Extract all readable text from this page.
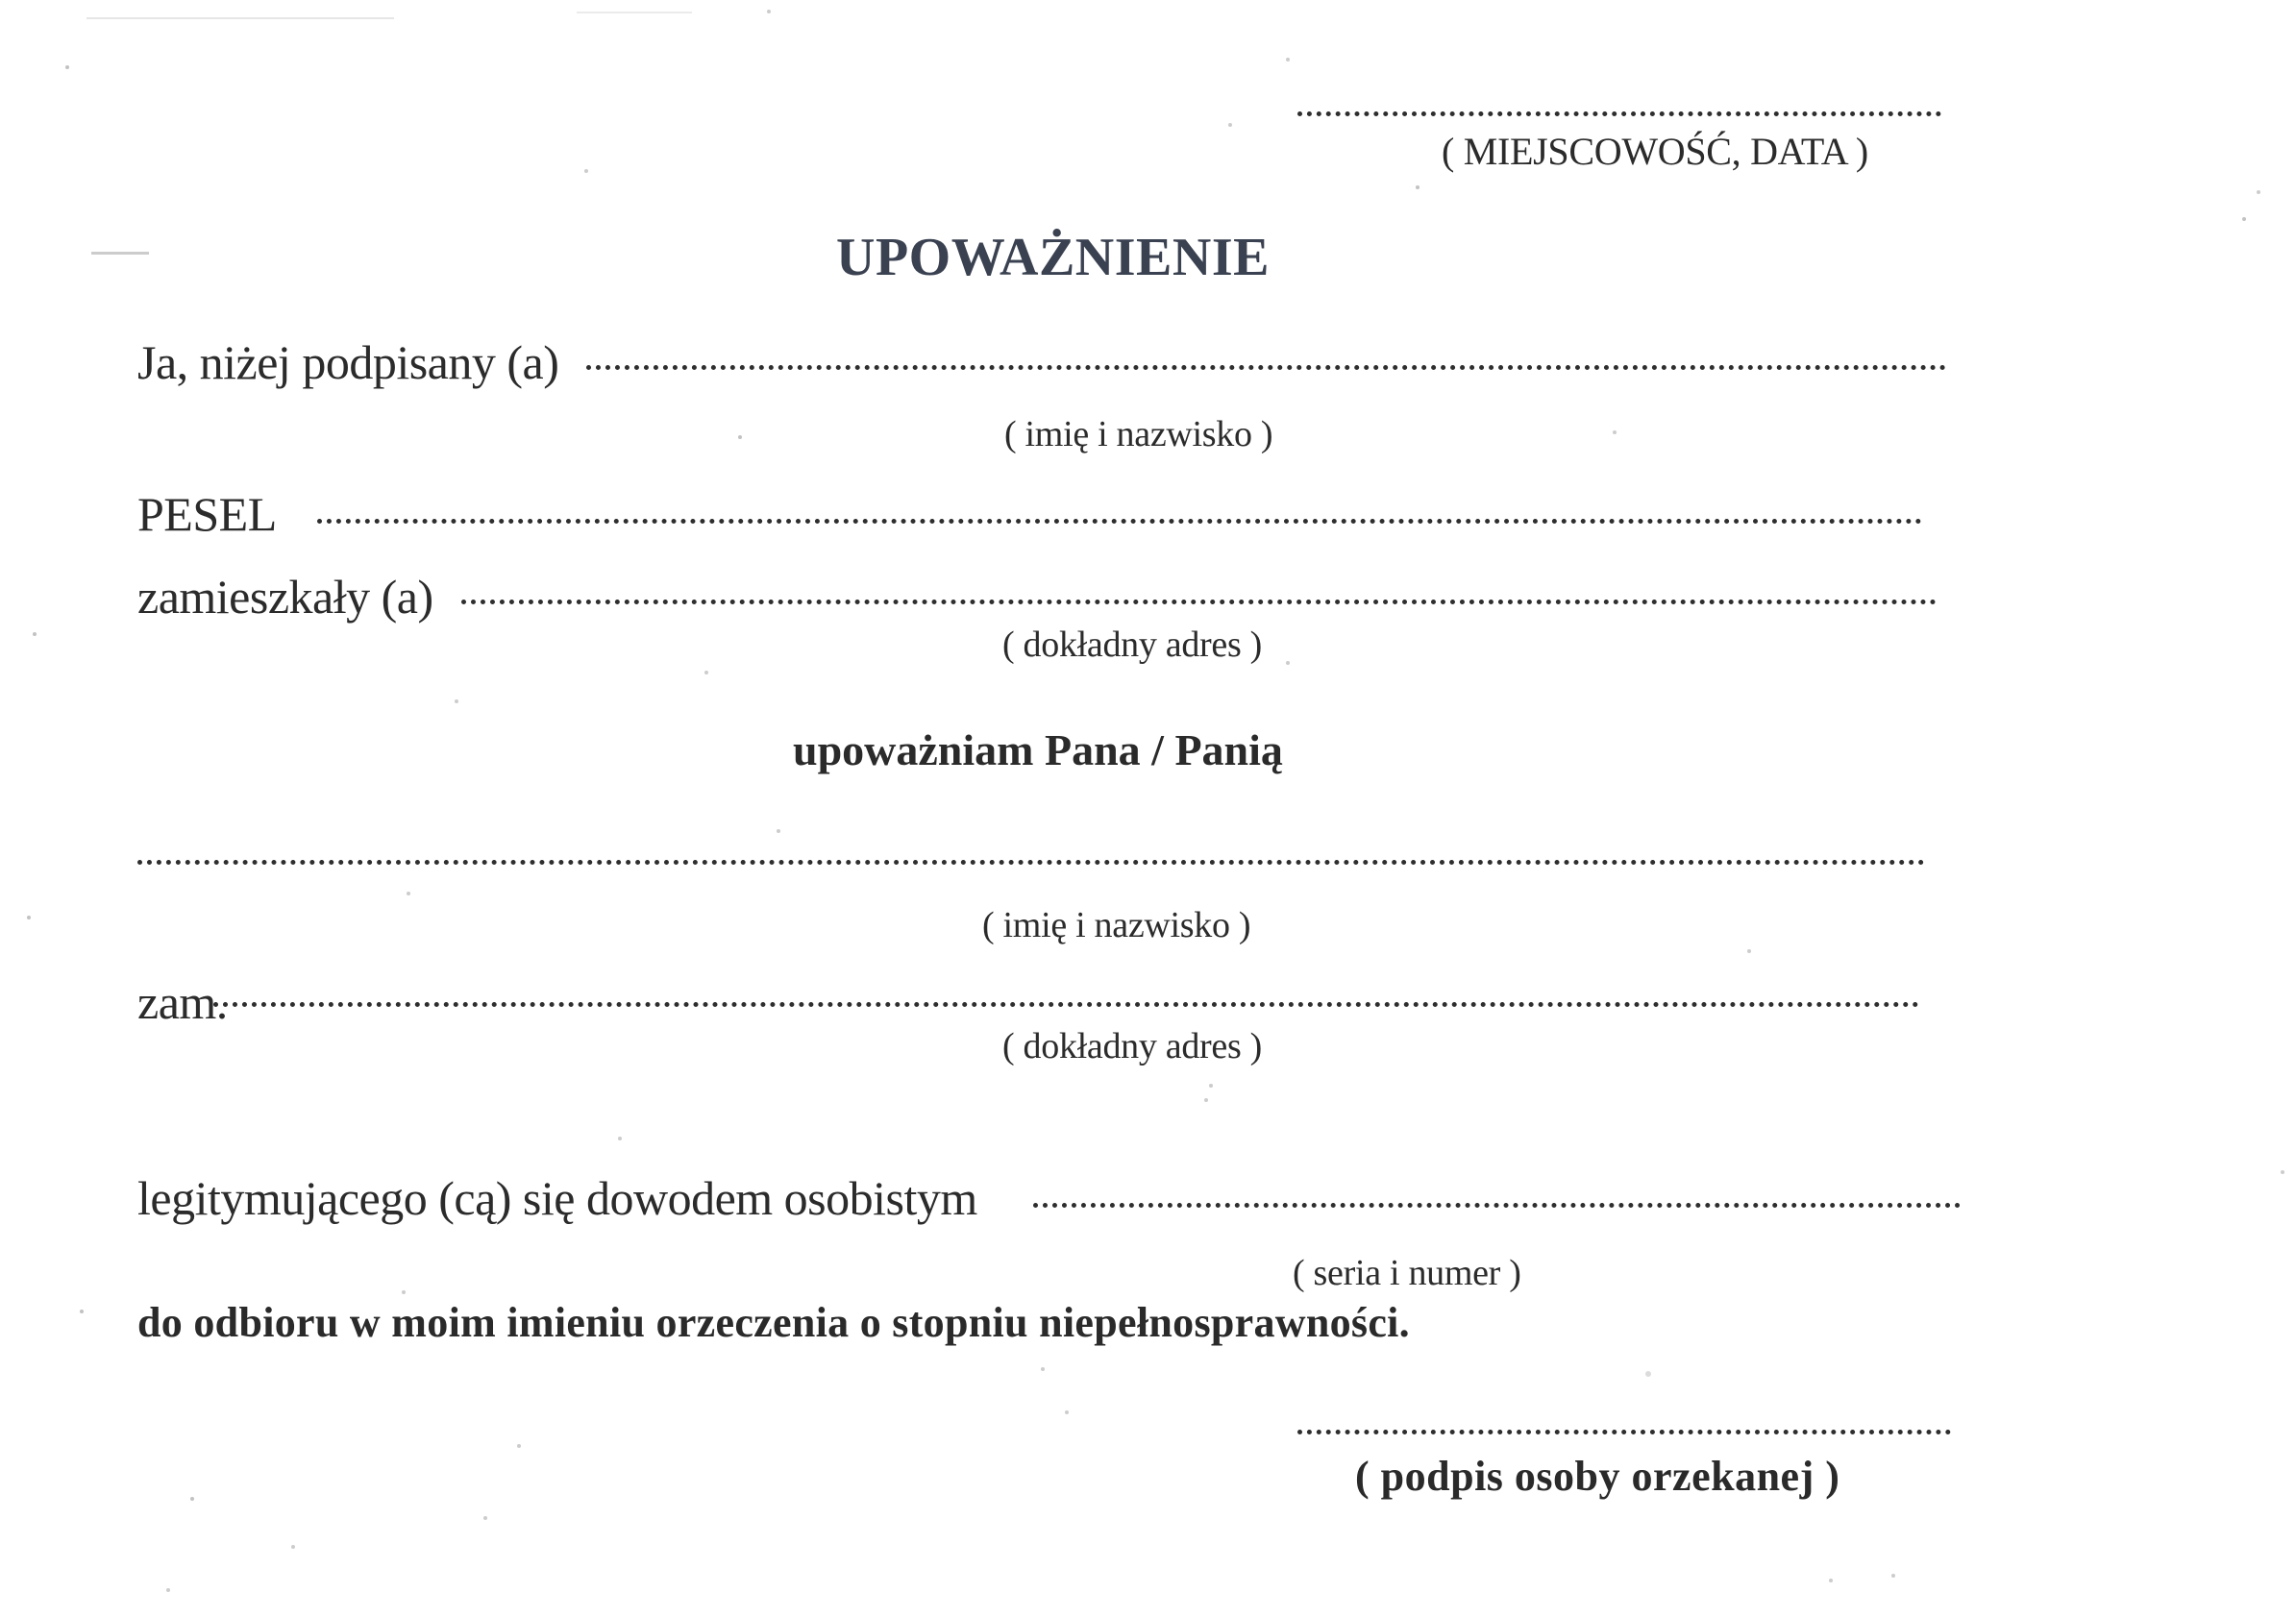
( MIEJSCOWOŚĆ, DATA )
UPOWAŻNIENIE
Ja, niżej podpisany (a)
( imię i nazwisko )
PESEL
zamieszkały (a)
( dokładny adres )
upoważniam Pana / Panią
( imię i nazwisko )
zam.
( dokładny adres )
legitymującego (cą) się dowodem osobistym
( seria i numer )
do odbioru w moim imieniu orzeczenia o stopniu niepełnosprawności.
( podpis osoby orzekanej )
